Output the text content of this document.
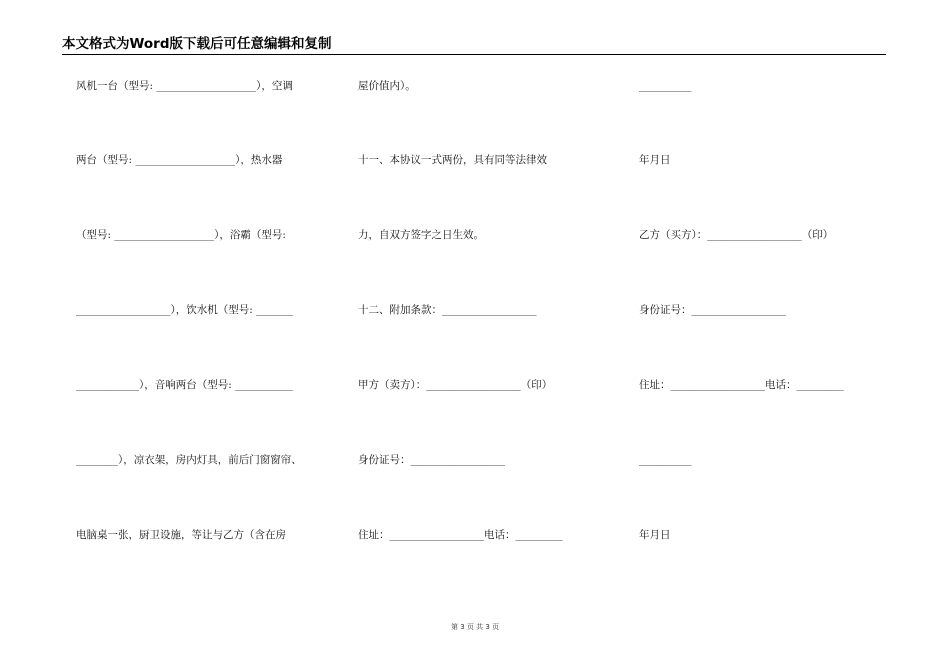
本文格式为Word版下载后可任意编辑和复制
风机一台（型号: ___________________），空调
两台（型号: ___________________），热水器
（型号: ___________________），浴霸（型号:
__________________），饮水机（型号: _______
____________），音响两台（型号: ___________
________），凉衣架，房内灯具，前后门窗窗帘、
电脑桌一张，厨卫设施，等让与乙方（含在房
屋价值内）。
十一、本协议一式两份，具有同等法律效
力，自双方签字之日生效。
十二、附加条款：__________________
甲方（卖方）：__________________（印）
身份证号：__________________
住址：__________________电话：_________
__________
年月日
乙方（买方）：__________________（印）
身份证号：__________________
住址：__________________电话：_________
__________
年月日
第 3 页 共 3 页
